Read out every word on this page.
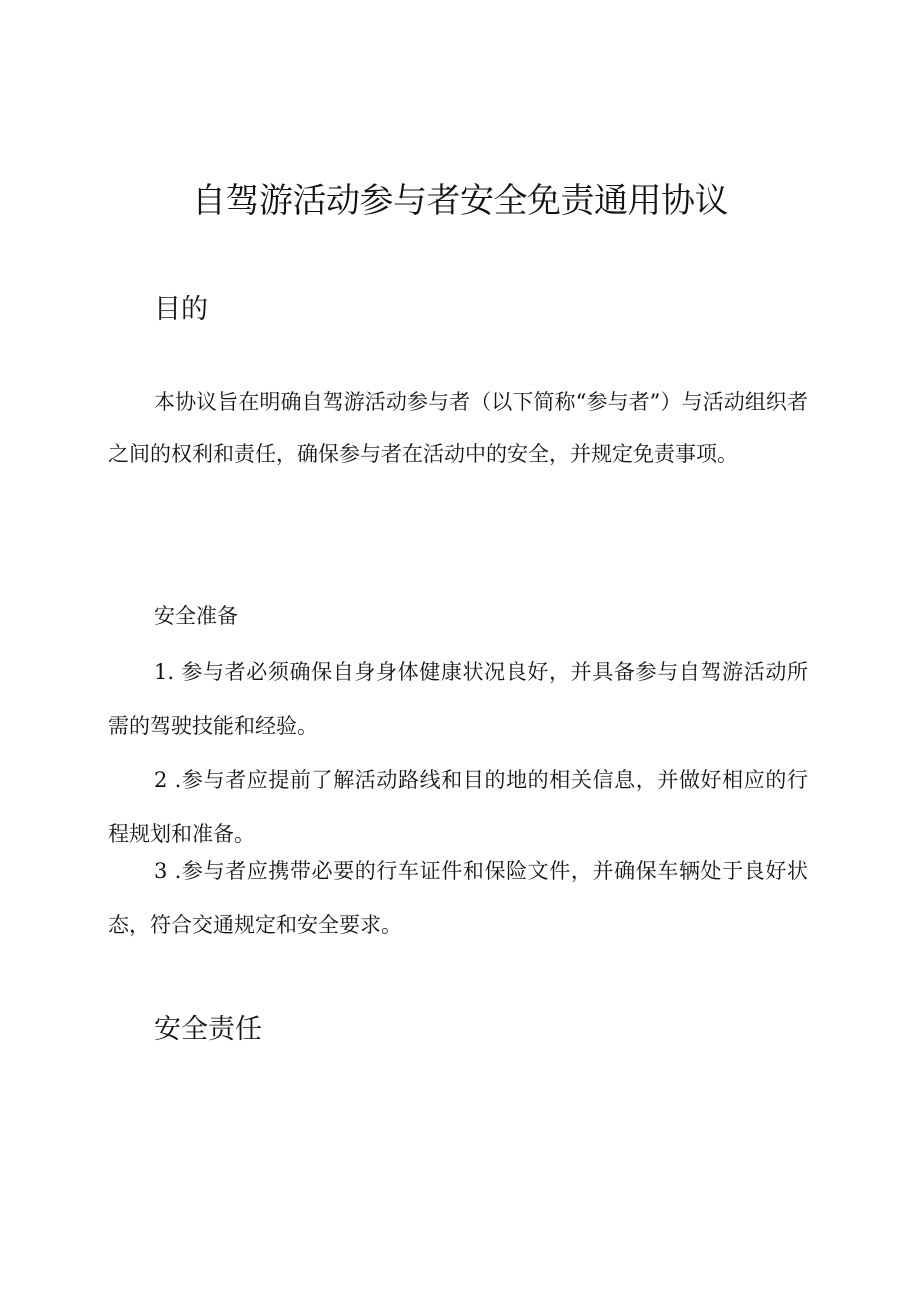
自驾游活动参与者安全免责通用协议
目的

本协议旨在明确自驾游活动参与者（以下简称“参与者”）与活动组织者之间的权利和责任，确保参与者在活动中的安全，并规定免责事项。

安全准备

1. 参与者必须确保自身身体健康状况良好，并具备参与自驾游活动所需的驾驶技能和经验。

2 .参与者应提前了解活动路线和目的地的相关信息，并做好相应的行程规划和准备。

3 .参与者应携带必要的行车证件和保险文件，并确保车辆处于良好状态，符合交通规定和安全要求。

安全责任
